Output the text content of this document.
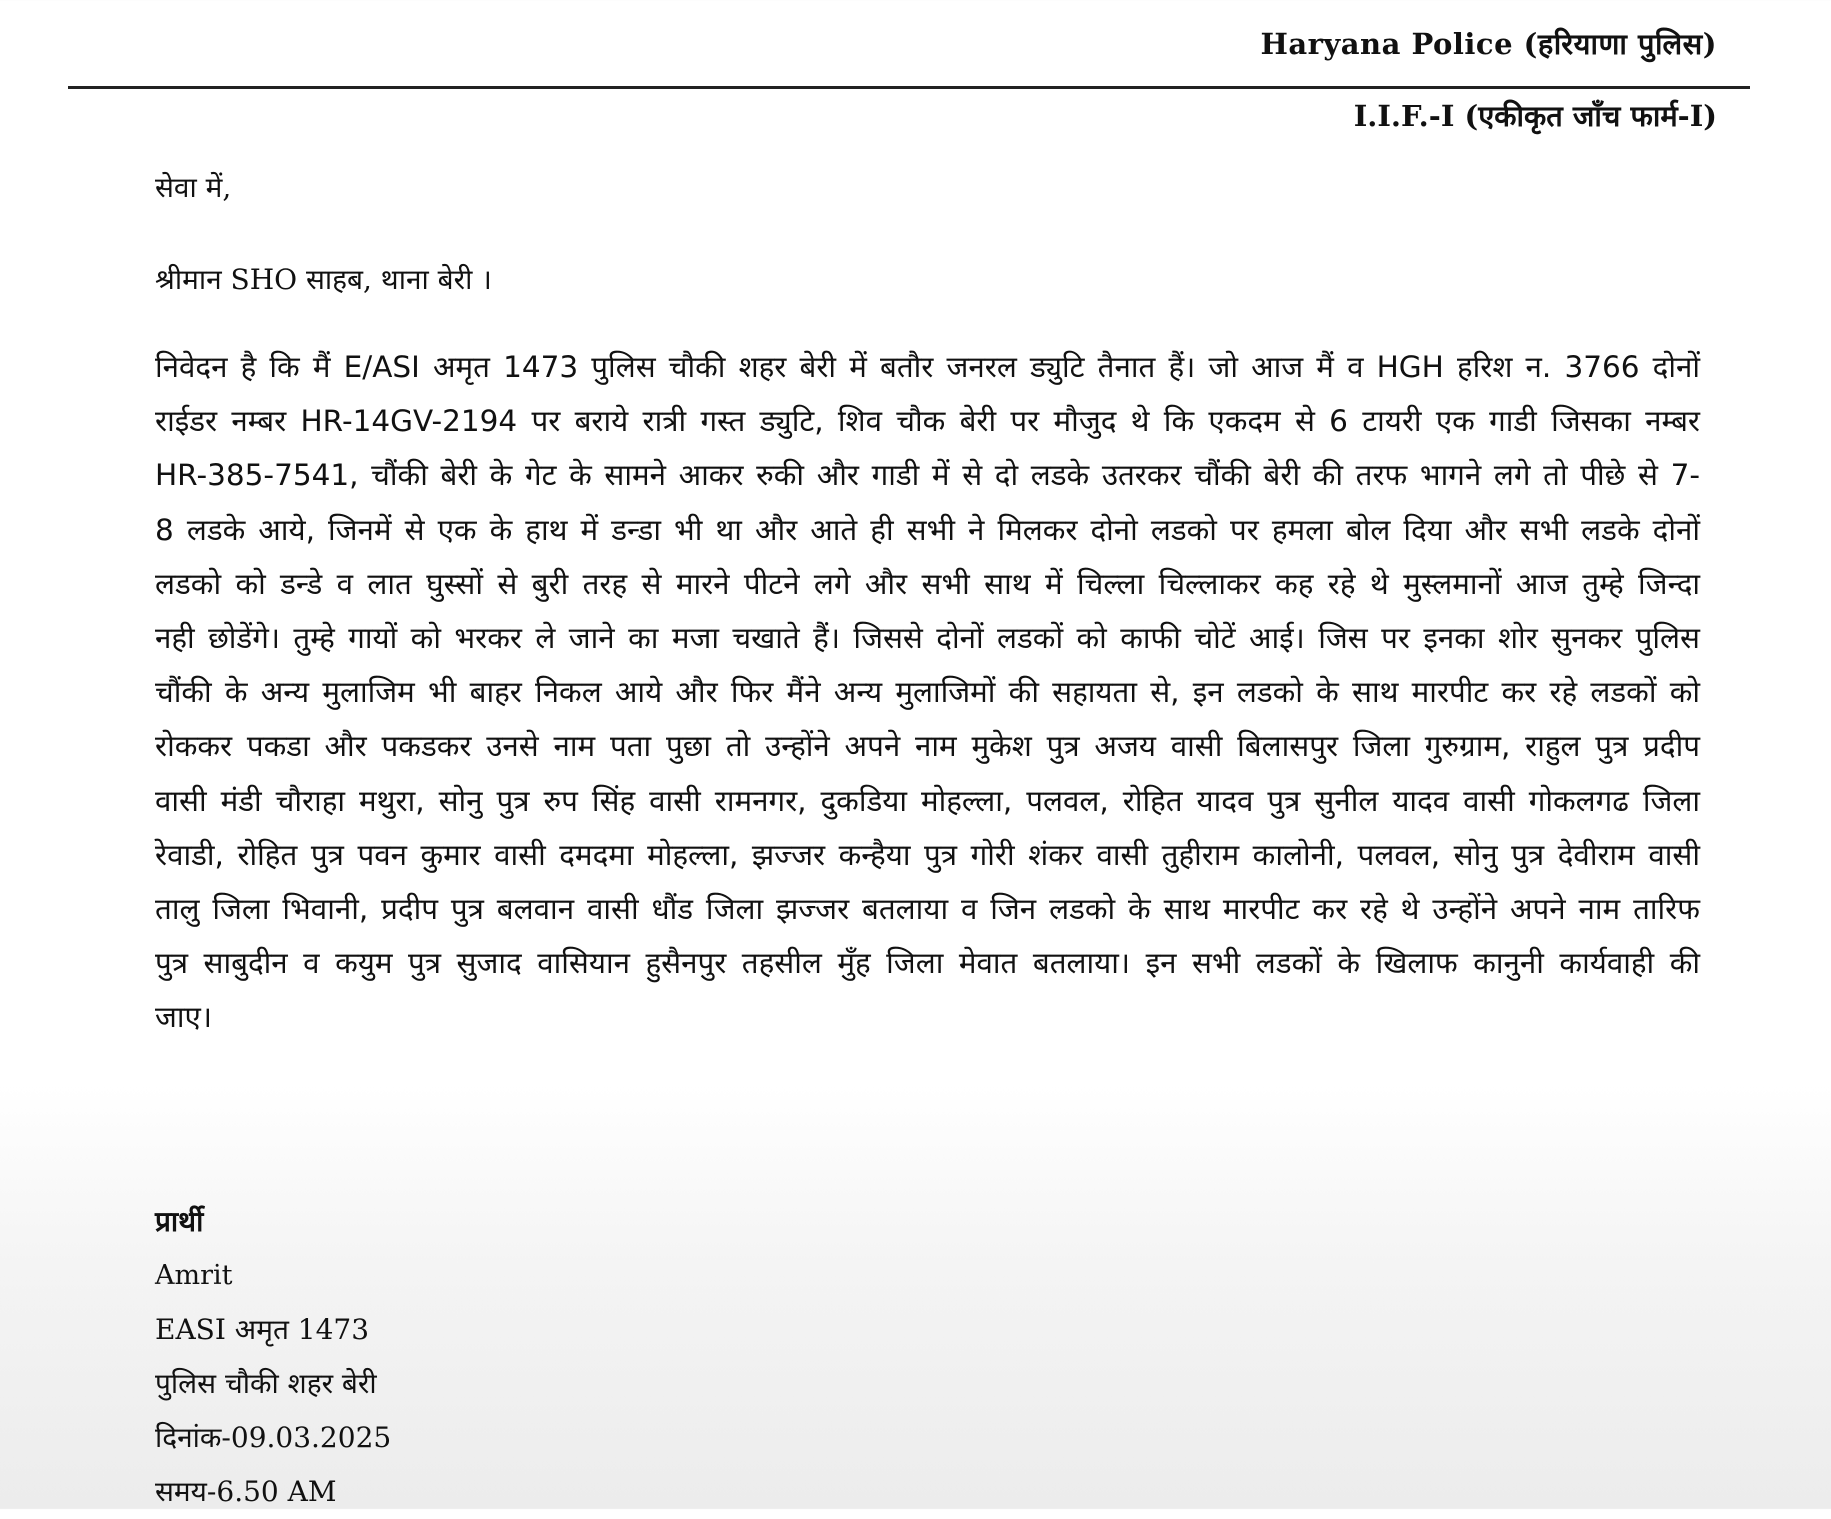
Haryana Police (हरियाणा पुलिस)
I.I.F.-I (एकीकृत जाँच फार्म-I)
सेवा में,
श्रीमान SHO साहब, थाना बेरी ।
निवेदन है कि मैं E/ASI अमृत 1473 पुलिस चौकी शहर बेरी में बतौर जनरल ड्युटि तैनात हैं। जो आज मैं व HGH हरिश न. 3766 दोनों राईडर नम्बर HR-14GV-2194 पर बराये रात्री गस्त ड्युटि, शिव चौक बेरी पर मौजुद थे कि एकदम से 6 टायरी एक गाडी जिसका नम्बर HR-385-7541, चौंकी बेरी के गेट के सामने आकर रुकी और गाडी में से दो लडके उतरकर चौंकी बेरी की तरफ भागने लगे तो पीछे से 7-8 लडके आये, जिनमें से एक के हाथ में डन्डा भी था और आते ही सभी ने मिलकर दोनो लडको पर हमला बोल दिया और सभी लडके दोनों लडको को डन्डे व लात घुस्सों से बुरी तरह से मारने पीटने लगे और सभी साथ में चिल्ला चिल्लाकर कह रहे थे मुस्लमानों आज तुम्हे जिन्दा नही छोडेंगे। तुम्हे गायों को भरकर ले जाने का मजा चखाते हैं। जिससे दोनों लडकों को काफी चोटें आई। जिस पर इनका शोर सुनकर पुलिस चौंकी के अन्य मुलाजिम भी बाहर निकल आये और फिर मैंने अन्य मुलाजिमों की सहायता से, इन लडको के साथ मारपीट कर रहे लडकों को रोककर पकडा और पकडकर उनसे नाम पता पुछा तो उन्होंने अपने नाम मुकेश पुत्र अजय वासी बिलासपुर जिला गुरुग्राम, राहुल पुत्र प्रदीप वासी मंडी चौराहा मथुरा, सोनु पुत्र रुप सिंह वासी रामनगर, दुकडिया मोहल्ला, पलवल, रोहित यादव पुत्र सुनील यादव वासी गोकलगढ जिला रेवाडी, रोहित पुत्र पवन कुमार वासी दमदमा मोहल्ला, झज्जर कन्हैया पुत्र गोरी शंकर वासी तुहीराम कालोनी, पलवल, सोनु पुत्र देवीराम वासी तालु जिला भिवानी, प्रदीप पुत्र बलवान वासी धौंड जिला झज्जर बतलाया व जिन लडको के साथ मारपीट कर रहे थे उन्होंने अपने नाम तारिफ पुत्र साबुदीन व कयुम पुत्र सुजाद वासियान हुसैनपुर तहसील मुँह जिला मेवात बतलाया। इन सभी लडकों के खिलाफ कानुनी कार्यवाही की जाए।
प्रार्थी
Amrit
EASI अमृत 1473
पुलिस चौकी शहर बेरी
दिनांक-09.03.2025
समय-6.50 AM
